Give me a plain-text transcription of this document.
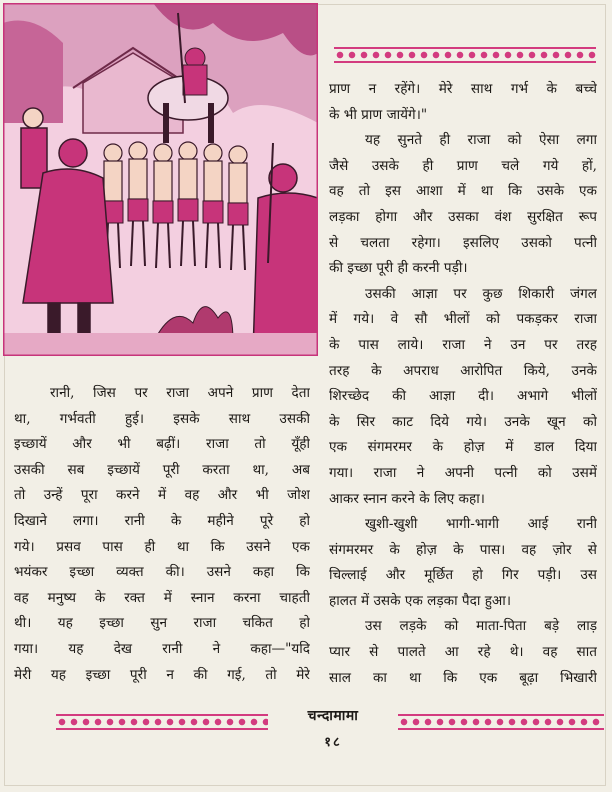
प्राण न रहेंगे। मेरे साथ गर्भ के बच्चे
के भी प्राण जायेंगे।"
यह सुनते ही राजा को ऐसा लगा
जैसे उसके ही प्राण चले गये हों,
वह तो इस आशा में था कि उसके एक
लड़का होगा और उसका वंश सुरक्षित रूप
से चलता रहेगा। इसलिए उसको पत्नी
की इच्छा पूरी ही करनी पड़ी।
उसकी आज्ञा पर कुछ शिकारी जंगल
में गये। वे सौ भीलों को पकड़कर राजा
के पास लाये। राजा ने उन पर तरह
तरह के अपराध आरोपित किये, उनके
शिरच्छेद की आज्ञा दी। अभागे भीलों
के सिर काट दिये गये। उनके खून को
एक संगमरमर के होज़ में डाल दिया
गया। राजा ने अपनी पत्नी को उसमें
आकर स्नान करने के लिए कहा।
खुशी-खुशी भागी-भागी आई रानी
संगमरमर के होज़ के पास। वह ज़ोर से
चिल्लाई और मूर्छित हो गिर पड़ी। उस
हालत में उसके एक लड़का पैदा हुआ।
उस लड़के को माता-पिता बड़े लाड़
प्यार से पालते आ रहे थे। वह सात
साल का था कि एक बूढ़ा भिखारी
रानी, जिस पर राजा अपने प्राण देता
था, गर्भवती हुई। इसके साथ उसकी
इच्छायें और भी बढ़ीं। राजा तो यूँही
उसकी सब इच्छायें पूरी करता था, अब
तो उन्हें पूरा करने में वह और भी जोश
दिखाने लगा। रानी के महीने पूरे हो
गये। प्रसव पास ही था कि उसने एक
भयंकर इच्छा व्यक्त की। उसने कहा कि
वह मनुष्य के रक्त में स्नान करना चाहती
थी। यह इच्छा सुन राजा चकित हो
गया। यह देख रानी ने कहा—"यदि
मेरी यह इच्छा पूरी न की गई, तो मेरे
चन्दामामा
१८
